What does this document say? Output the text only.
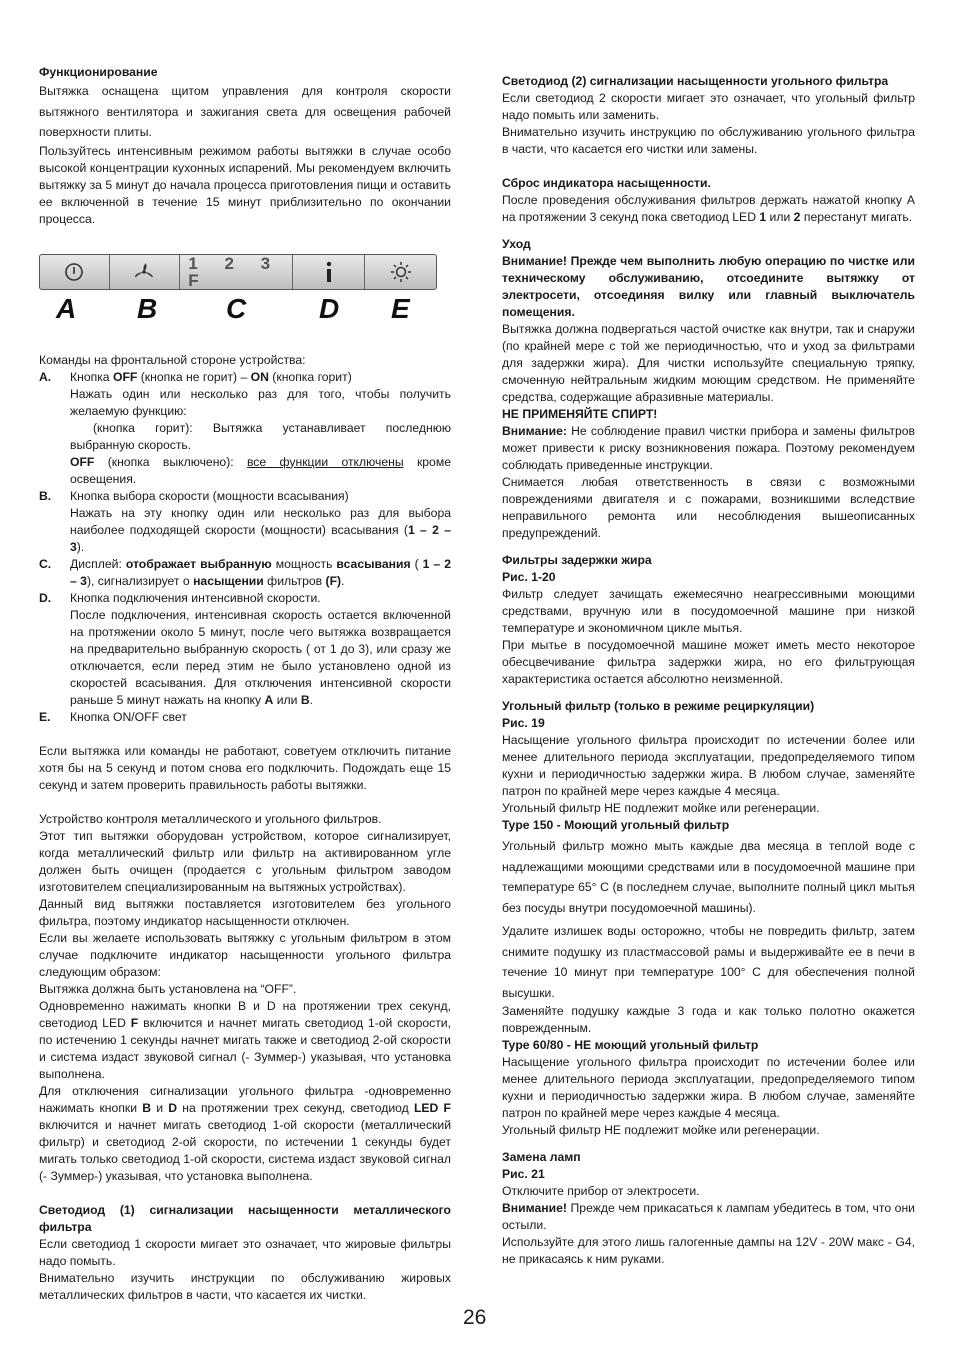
Функционирование

Вытяжка оснащена щитом управления для контроля скорости вытяжного вентилятора и зажигания света для освещения рабочей поверхности плиты.

Пользуйтесь интенсивным режимом работы вытяжки в случае особо высокой концентрации кухонных испарений. Мы рекомендуем включить вытяжку за 5 минут до начала процесса приготовления пищи и оставить ее включенной в течение 15 минут приблизительно по окончании процесса.

1 2 3 F
A B C	D E

Команды на фронтальной стороне устройства:

A.	Кнопка OFF (кнопка не горит) – ON (кнопка горит)

Нажать один или несколько раз для того, чтобы получить желаемую функцию:

(кнопка горит): Вытяжка устанавливает последнюю выбранную скорость.

OFF (кнопка выключено): все функции отключены кроме освещения.

B.	Кнопка выбора скорости (мощности всасывания)

Нажать на эту кнопку один или несколько раз для выбора наиболее подходящей скорости (мощности) всасывания (1 – 2 – 3).

C.	Дисплей: отображает выбранную мощность всасывания ( 1 – 2 – 3), сигнализирует о насыщении фильтров (F).

D.	Кнопка подключения интенсивной скорости.

После подключения, интенсивная скорость остается включенной на протяжении около 5 минут, после чего вытяжка возвращается на предварительно выбранную скорость ( от 1 до 3), или сразу же отключается, если перед этим не было установлено одной из скоростей всасывания. Для отключения интенсивной скорости раньше 5 минут нажать на кнопку A или B.

E.	Кнопка ON/OFF свет

Если вытяжка или команды не работают, советуем отключить питание хотя бы на 5 секунд и потом снова его подключить. Подождать еще 15 секунд и затем проверить правильность работы вытяжки.

Устройство контроля металлического и угольного фильтров.

Этот тип вытяжки оборудован устройством, которое сигнализирует, когда металлический фильтр или фильтр на активированном угле должен быть очищен (продается с угольным фильтром заводом изготовителем специализированным на вытяжных устройствах).

Данный вид вытяжки поставляется изготовителем без угольного фильтра, поэтому индикатор насыщенности отключен.

Если вы желаете использовать вытяжку с угольным фильтром в этом случае подключите индикатор насыщенности угольного фильтра следующим образом:

Вытяжка должна быть установлена на “OFF”.

Одновременно нажимать кнопки B и D на протяжении трех секунд, светодиод LED F включится и начнет мигать светодиод 1-ой скорости, по истечению 1 секунды начнет мигать также и светодиод 2-ой скорости и система издаст звуковой сигнал (- Зуммер-) указывая, что установка выполнена.

Для отключения сигнализации угольного фильтра -одновременно нажимать кнопки B и D на протяжении трех секунд, светодиод LED F включится и начнет мигать светодиод 1-ой скорости (металлический фильтр) и светодиод 2-ой скорости, по истечении 1 секунды будет мигать только светодиод 1-ой скорости, система издаст звуковой сигнал (- Зуммер-) указывая, что установка выполнена.

Светодиод (1) сигнализации насыщенности металлического фильтра

Если светодиод 1 скорости мигает это означает, что жировые фильтры надо помыть.

Внимательно изучить инструкции по обслуживанию жировых металлических фильтров в части, что касается их чистки.

Светодиод (2) сигнализации насыщенности угольного фильтра

Если светодиод 2 скорости мигает это означает, что угольный фильтр надо помыть или заменить.

Внимательно изучить инструкцию по обслуживанию угольного фильтра в части, что касается его чистки или замены.

Сброс индикатора насыщенности.

После проведения обслуживания фильтров держать нажатой кнопку A на протяжении 3 секунд пока светодиод LED 1 или 2 перестанут мигать.

Уход

Внимание! Прежде чем выполнить любую операцию по чистке или техническому обслуживанию, отсоедините вытяжку от электросети, отсоединяя вилку или главный выключатель помещения.

Вытяжка должна подвергаться частой очистке как внутри, так и снаружи (по крайней мере с той же периодичностью, что и уход за фильтрами для задержки жира). Для чистки используйте специальную тряпку, смоченную нейтральным жидким моющим средством. Не применяйте средства, содержащие абразивные материалы.

НЕ ПРИМЕНЯЙТЕ СПИРТ!

Внимание: Не соблюдение правил чистки прибора и замены фильтров может привести к риску возникновения пожара. Поэтому рекомендуем соблюдать приведенные инструкции.

Снимается любая ответственность в связи с возможными повреждениями двигателя и с пожарами, возникшими вследствие неправильного ремонта или несоблюдения вышеописанных предупреждений.

Фильтры задержки жира

Рис. 1-20

Фильтр следует зачищать ежемесячно неагрессивными моющими средствами, вручную или в посудомоечной машине при низкой температуре и экономичном цикле мытья.

При мытье в посудомоечной машине может иметь место некоторое обесцвечивание фильтра задержки жира, но его фильтрующая характеристика остается абсолютно неизменной.

Угольный фильтр (только в режиме рециркуляции)

Рис. 19

Насыщение угольного фильтра происходит по истечении более или менее длительного периода эксплуатации, предопределяемого типом кухни и периодичностью задержки жира. В любом случае, заменяйте патрон по крайней мере через каждые 4 месяца.

Угольный фильтр НЕ подлежит мойке или регенерации.

Type 150 - Моющий угольный фильтр

Угольный фильтр можно мыть каждые два месяца в теплой воде с надлежащими моющими средствами или в посудомоечной машине при температуре 65° C (в последнем случае, выполните полный цикл мытья без посуды внутри посудомоечной машины).

Удалите излишек воды осторожно, чтобы не повредить фильтр, затем снимите подушку из пластмассовой рамы и выдерживайте ее в печи в течение 10 минут при температуре 100° C для обеспечения полной высушки.

Заменяйте подушку каждые 3 года и как только полотно окажется поврежденным.

Type 60/80 - НЕ моющий угольный фильтр

Насыщение угольного фильтра происходит по истечении более или менее длительного периода эксплуатации, предопределяемого типом кухни и периодичностью задержки жира. В любом случае, заменяйте патрон по крайней мере через каждые 4 месяца.

Угольный фильтр НЕ подлежит мойке или регенерации.

Замена ламп

Рис. 21

Отключите прибор от электросети.

Внимание! Прежде чем прикасаться к лампам убедитесь в том, что они остыли.

Используйте для этого лишь галогенные дампы на 12V - 20W макс - G4, не прикасаясь к ним руками.

26
